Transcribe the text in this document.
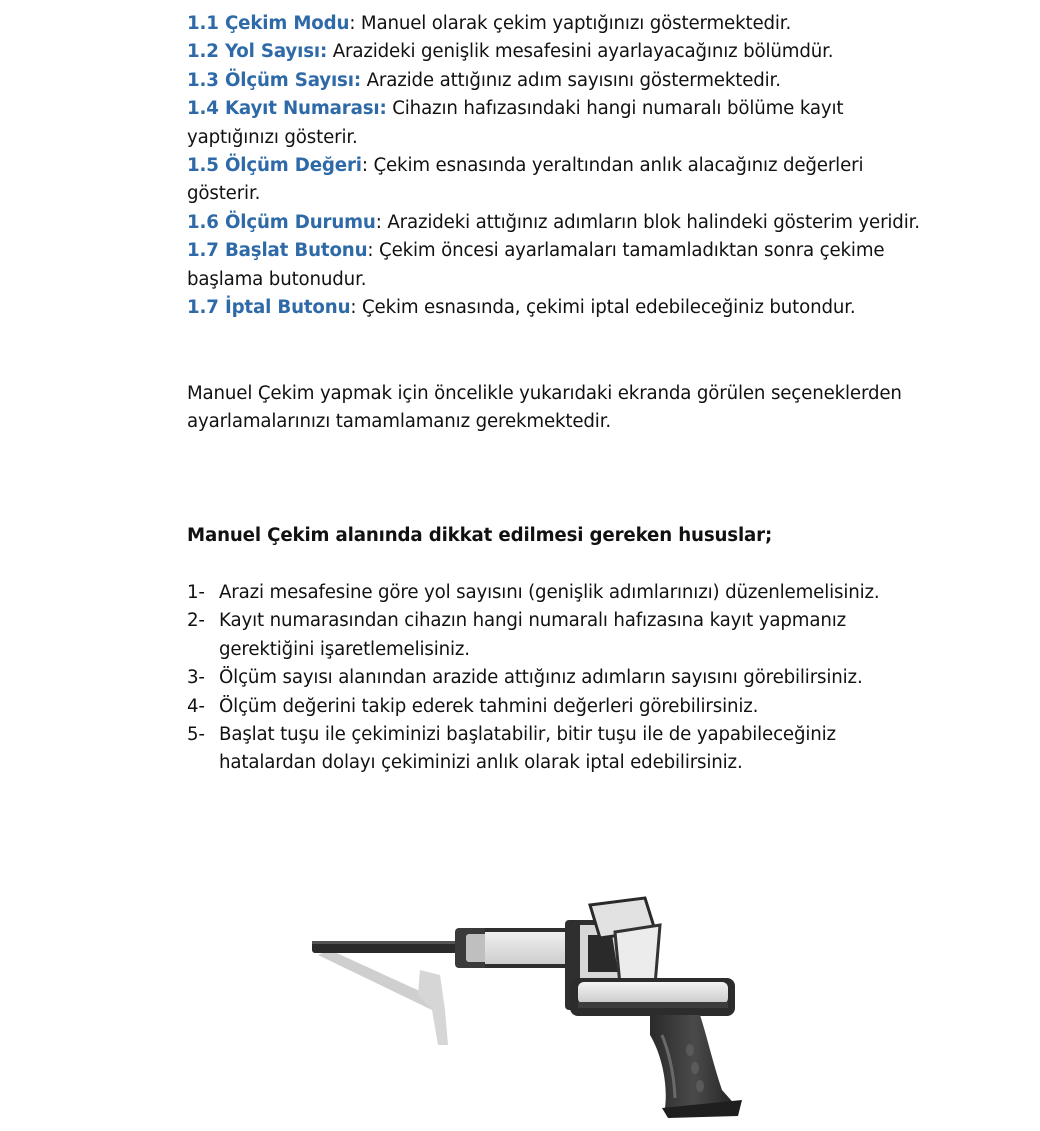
1.1 Çekim Modu: Manuel olarak çekim yaptığınızı göstermektedir.

1.2 Yol Sayısı: Arazideki genişlik mesafesini ayarlayacağınız bölümdür.

1.3 Ölçüm Sayısı: Arazide attığınız adım sayısını göstermektedir.

1.4 Kayıt Numarası: Cihazın hafızasındaki hangi numaralı bölüme kayıt yaptığınızı gösterir.

1.5 Ölçüm Değeri: Çekim esnasında yeraltından anlık alacağınız değerleri gösterir.

1.6 Ölçüm Durumu: Arazideki attığınız adımların blok halindeki gösterim yeridir.

1.7 Başlat Butonu: Çekim öncesi ayarlamaları tamamladıktan sonra çekime başlama butonudur.

1.7 İptal Butonu: Çekim esnasında, çekimi iptal edebileceğiniz butondur.

Manuel Çekim yapmak için öncelikle yukarıdaki ekranda görülen seçeneklerden ayarlamalarınızı tamamlamanız gerekmektedir.

Manuel Çekim alanında dikkat edilmesi gereken hususlar;
1- Arazi mesafesine göre yol sayısını (genişlik adımlarınızı) düzenlemelisiniz.
2- Kayıt numarasından cihazın hangi numaralı hafızasına kayıt yapmanız gerektiğini işaretlemelisiniz.
3- Ölçüm sayısı alanından arazide attığınız adımların sayısını görebilirsiniz.
4- Ölçüm değerini takip ederek tahmini değerleri görebilirsiniz.
5- Başlat tuşu ile çekiminizi başlatabilir, bitir tuşu ile de yapabileceğiniz hatalardan dolayı çekiminizi anlık olarak iptal edebilirsiniz.
